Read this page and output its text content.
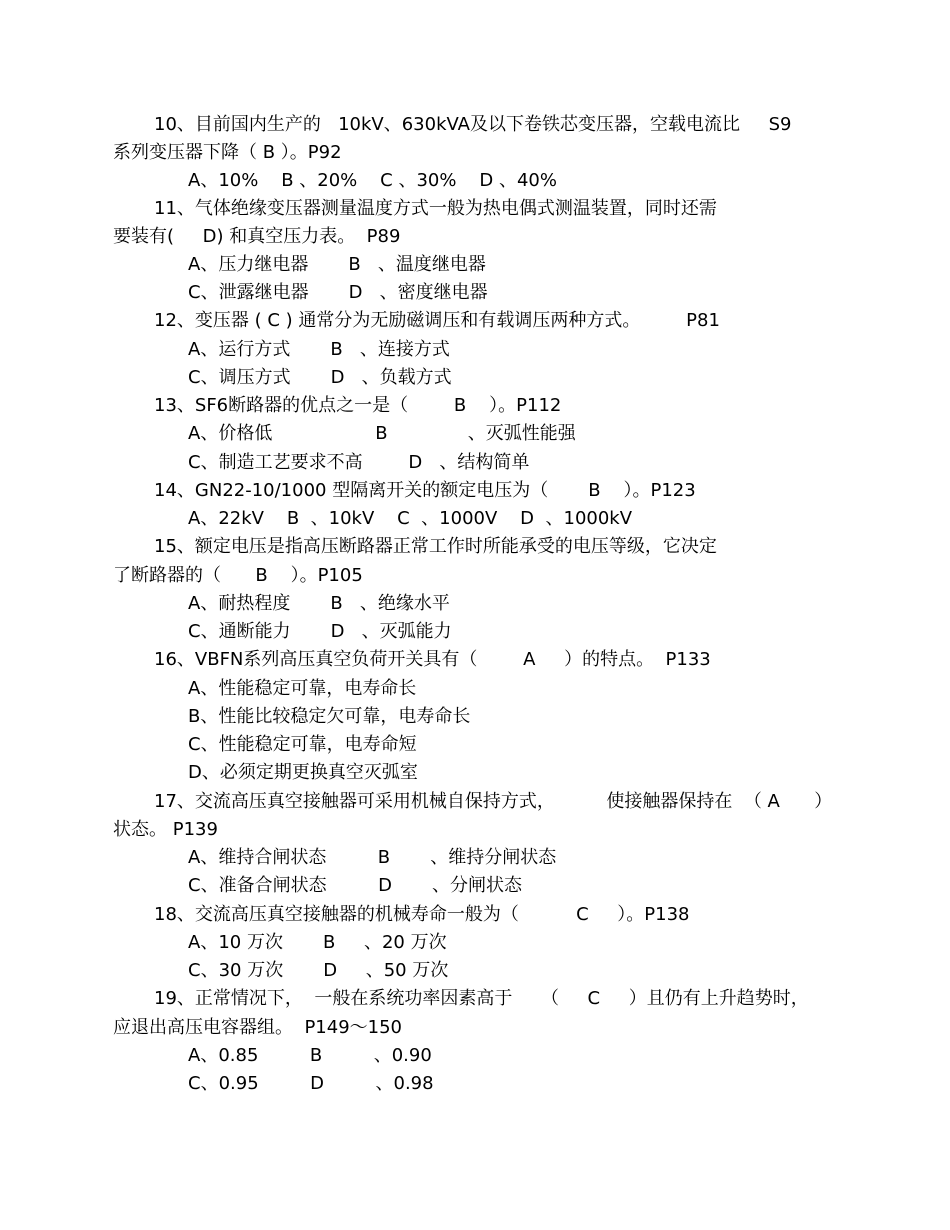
10、目前国内生产的   10kV、630kVA及以下卷铁芯变压器，空载电流比     S9
系列变压器下降（ B ）。P92
A、10%    B 、20%    C 、30%    D 、40%
11、气体绝缘变压器测量温度方式一般为热电偶式测温装置，同时还需
要装有(     D) 和真空压力表。  P89
A、压力继电器       B   、温度继电器
C、泄露继电器       D   、密度继电器
12、变压器 ( C ) 通常分为无励磁调压和有载调压两种方式。        P81
A、运行方式       B   、连接方式
C、调压方式       D   、负载方式
13、SF6断路器的优点之一是（        B    ）。P112
A、价格低                  B              、灭弧性能强
C、制造工艺要求不高        D   、结构简单
14、GN22-10/1000 型隔离开关的额定电压为（       B    ）。P123
A、22kV    B  、10kV    C  、1000V    D  、1000kV
15、额定电压是指高压断路器正常工作时所能承受的电压等级，它决定
了断路器的（      B    ）。P105
A、耐热程度       B   、绝缘水平
C、通断能力       D   、灭弧能力
16、VBFN系列高压真空负荷开关具有（        A     ）的特点。  P133
A、性能稳定可靠，电寿命长
B、性能比较稳定欠可靠，电寿命长
C、性能稳定可靠，电寿命短
D、必须定期更换真空灭弧室
17、交流高压真空接触器可采用机械自保持方式，         使接触器保持在  （ A      ）
状态。 P139
A、维持合闸状态         B       、维持分闸状态
C、准备合闸状态         D       、分闸状态
18、交流高压真空接触器的机械寿命一般为（          C     ）。P138
A、10 万次       B     、20 万次
C、30 万次       D     、50 万次
19、正常情况下，  一般在系统功率因素高于     （     C     ）且仍有上升趋势时，
应退出高压电容器组。  P149～150
A、0.85         B         、0.90
C、0.95         D         、0.98
